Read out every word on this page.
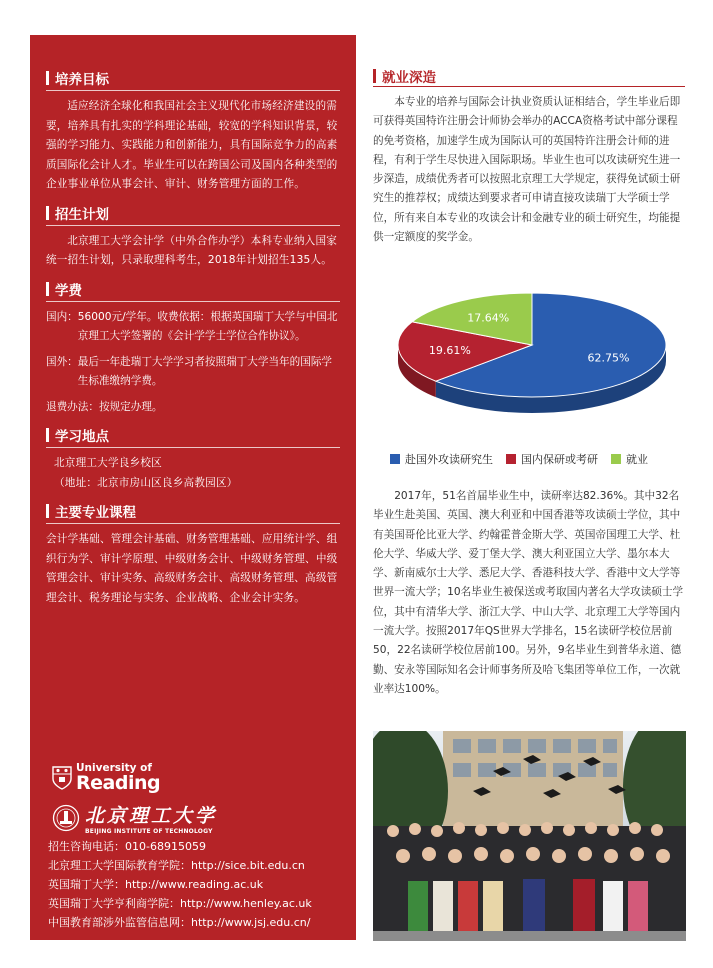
培养目标
适应经济全球化和我国社会主义现代化市场经济建设的需要，培养具有扎实的学科理论基础，较宽的学科知识背景，较强的学习能力、实践能力和创新能力，具有国际竞争力的高素质国际化会计人才。毕业生可以在跨国公司及国内各种类型的企业事业单位从事会计、审计、财务管理方面的工作。
招生计划
北京理工大学会计学（中外合作办学）本科专业纳入国家统一招生计划，只录取理科考生，2018年计划招生135人。
学费
国内： 56000元/学年。收费依据：根据英国瑞丁大学与中国北京理工大学签署的《会计学学士学位合作协议》。
国外： 最后一年赴瑞丁大学学习者按照瑞丁大学当年的国际学生标准缴纳学费。
退费办法 ：按规定办理。
学习地点
北京理工大学良乡校区
（地址：北京市房山区良乡高教园区）
主要专业课程
会计学基础、管理会计基础、财务管理基础、应用统计学、组织行为学、审计学原理、中级财务会计、中级财务管理、中级管理会计、审计实务、高级财务会计、高级财务管理、高级管理会计、税务理论与实务、企业战略、企业会计实务。
University of
Reading
北京理工大学
BEIJING INSTITUTE OF TECHNOLOGY
招生咨询电话：010-68915059
北京理工大学国际教育学院：http://sice.bit.edu.cn
英国瑞丁大学：http://www.reading.ac.uk
英国瑞丁大学亨利商学院：http://www.henley.ac.uk
中国教育部涉外监管信息网：http://www.jsj.edu.cn/
就业深造
本专业的培养与国际会计执业资质认证相结合，学生毕业后即可获得英国特许注册会计师协会举办的ACCA资格考试中部分课程的免考资格，加速学生成为国际认可的英国特许注册会计师的进程，有利于学生尽快进入国际职场。毕业生也可以攻读研究生进一步深造，成绩优秀者可以按照北京理工大学规定，获得免试硕士研究生的推荐权；成绩达到要求者可申请直接攻读瑞丁大学硕士学位，所有来自本专业的攻读会计和金融专业的硕士研究生，均能提供一定额度的奖学金。
62.75%
19.61%
17.64%
赴国外攻读研究生	国内保研或考研	就业
2017年，51名首届毕业生中，读研率达82.36%。其中32名毕业生赴美国、英国、澳大利亚和中国香港等攻读硕士学位，其中有美国哥伦比亚大学、约翰霍普金斯大学、英国帝国理工大学、杜伦大学、华威大学、爱丁堡大学、澳大利亚国立大学、墨尔本大学、新南威尔士大学、悉尼大学、香港科技大学、香港中文大学等世界一流大学；10名毕业生被保送或考取国内著名大学攻读硕士学位，其中有清华大学、浙江大学、中山大学、北京理工大学等国内一流大学。按照2017年QS世界大学排名，15名读研学校位居前50，22名读研学校位居前100。另外，9名毕业生到普华永道、德勤、安永等国际知名会计师事务所及哈飞集团等单位工作，一次就业率达100%。
